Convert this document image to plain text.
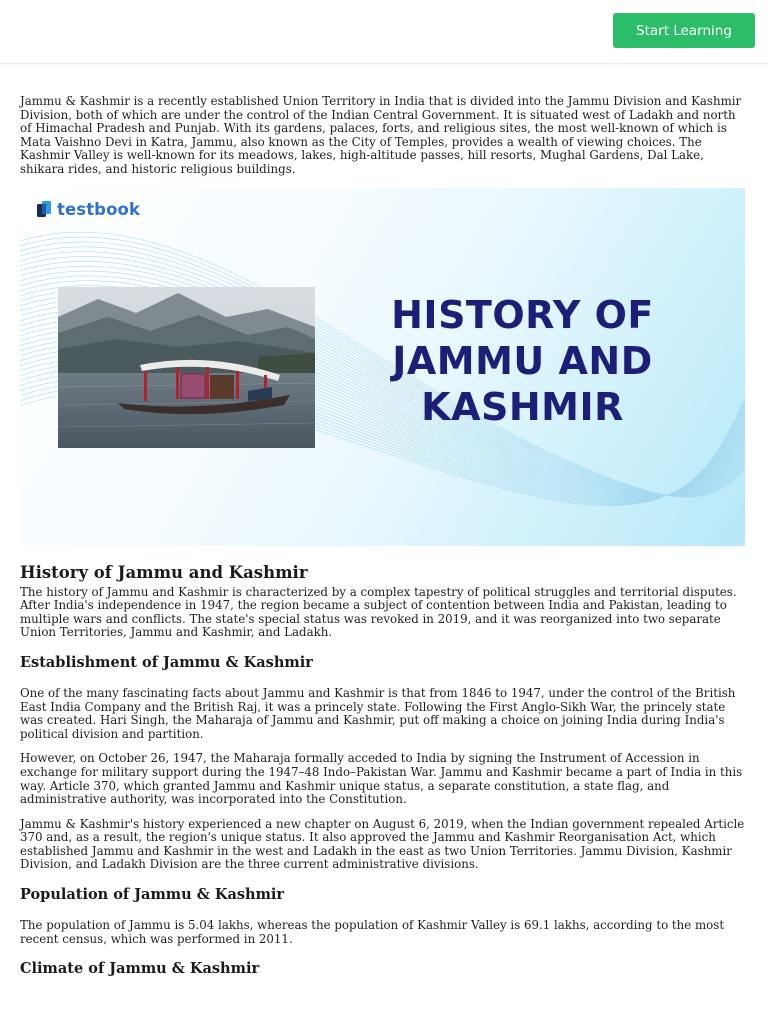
Start Learning

Jammu & Kashmir is a recently established Union Territory in India that is divided into the Jammu Division and Kashmir Division, both of which are under the control of the Indian Central Government. It is situated west of Ladakh and north of Himachal Pradesh and Punjab. With its gardens, palaces, forts, and religious sites, the most well-known of which is Mata Vaishno Devi in Katra, Jammu, also known as the City of Temples, provides a wealth of viewing choices. The Kashmir Valley is well-known for its meadows, lakes, high-altitude passes, hill resorts, Mughal Gardens, Dal Lake, shikara rides, and historic religious buildings.

testbook
HISTORY OF
JAMMU AND
KASHMIR
History of Jammu and Kashmir

The history of Jammu and Kashmir is characterized by a complex tapestry of political struggles and territorial disputes. After India's independence in 1947, the region became a subject of contention between India and Pakistan, leading to multiple wars and conflicts. The state's special status was revoked in 2019, and it was reorganized into two separate Union Territories, Jammu and Kashmir, and Ladakh.

Establishment of Jammu & Kashmir

One of the many fascinating facts about Jammu and Kashmir is that from 1846 to 1947, under the control of the British East India Company and the British Raj, it was a princely state. Following the First Anglo-Sikh War, the princely state was created. Hari Singh, the Maharaja of Jammu and Kashmir, put off making a choice on joining India during India's political division and partition.

However, on October 26, 1947, the Maharaja formally acceded to India by signing the Instrument of Accession in exchange for military support during the 1947–48 Indo–Pakistan War. Jammu and Kashmir became a part of India in this way. Article 370, which granted Jammu and Kashmir unique status, a separate constitution, a state flag, and administrative authority, was incorporated into the Constitution.

Jammu & Kashmir's history experienced a new chapter on August 6, 2019, when the Indian government repealed Article 370 and, as a result, the region's unique status. It also approved the Jammu and Kashmir Reorganisation Act, which established Jammu and Kashmir in the west and Ladakh in the east as two Union Territories. Jammu Division, Kashmir Division, and Ladakh Division are the three current administrative divisions.

Population of Jammu & Kashmir

The population of Jammu is 5.04 lakhs, whereas the population of Kashmir Valley is 69.1 lakhs, according to the most recent census, which was performed in 2011.

Climate of Jammu & Kashmir
